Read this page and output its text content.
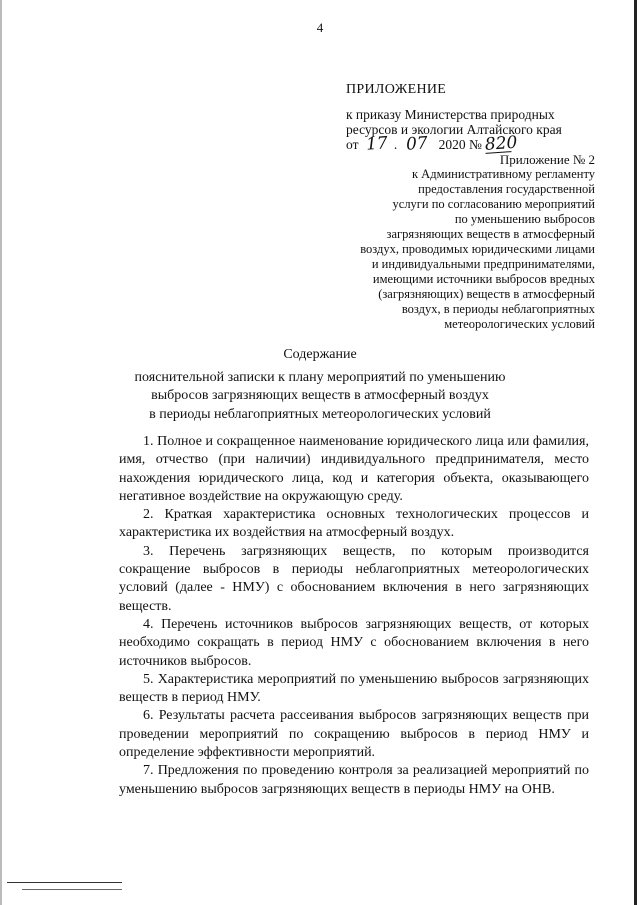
4
ПРИЛОЖЕНИЕ
к приказу Министерства природных
ресурсов и экологии Алтайского края
от 17 . 07 2020 № 820
Приложение № 2
к Административному регламенту
предоставления государственной
услуги по согласованию мероприятий
по уменьшению выбросов
загрязняющих веществ в атмосферный
воздух, проводимых юридическими лицами
и индивидуальными предпринимателями,
имеющими источники выбросов вредных
(загрязняющих) веществ в атмосферный
воздух, в периоды неблагоприятных
метеорологических условий
Содержание
пояснительной записки к плану мероприятий по уменьшению
выбросов загрязняющих веществ в атмосферный воздух
в периоды неблагоприятных метеорологических условий

1. Полное и сокращенное наименование юридического лица или фамилия, имя, отчество (при наличии) индивидуального предпринимателя, место нахождения юридического лица, код и категория объекта, оказывающего негативное воздействие на окружающую среду.

2. Краткая характеристика основных технологических процессов и характеристика их воздействия на атмосферный воздух.

3. Перечень загрязняющих веществ, по которым производится сокращение выбросов в периоды неблагоприятных метеорологических условий (далее - НМУ) с обоснованием включения в него загрязняющих веществ.

4. Перечень источников выбросов загрязняющих веществ, от которых необходимо сокращать в период НМУ с обоснованием включения в него источников выбросов.

5. Характеристика мероприятий по уменьшению выбросов загрязняющих веществ в период НМУ.

6. Результаты расчета рассеивания выбросов загрязняющих веществ при проведении мероприятий по сокращению выбросов в период НМУ и определение эффективности мероприятий.

7. Предложения по проведению контроля за реализацией мероприятий по уменьшению выбросов загрязняющих веществ в периоды НМУ на ОНВ.
